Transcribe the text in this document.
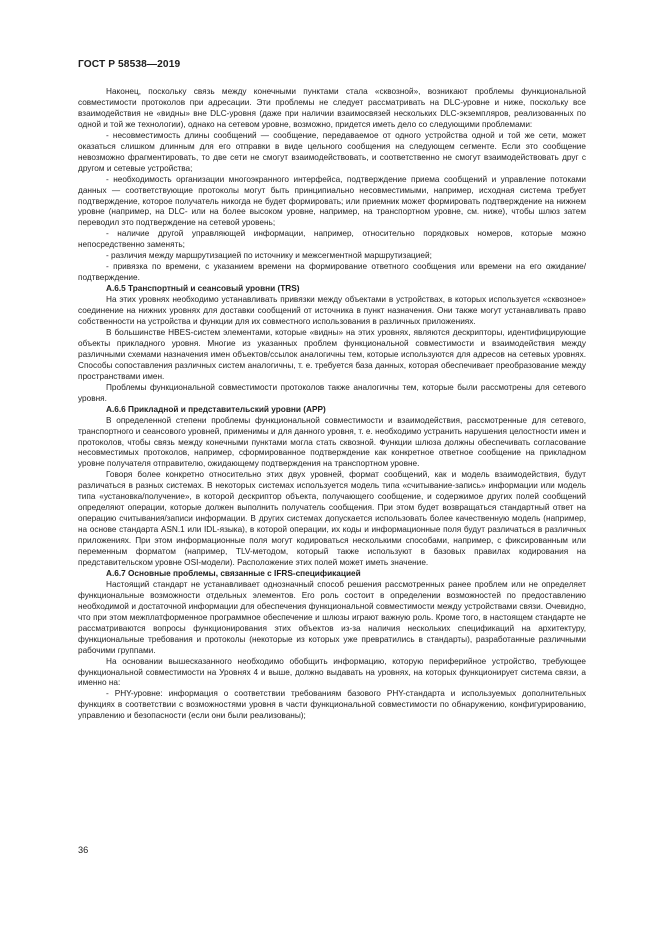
ГОСТ Р 58538—2019

Наконец, поскольку связь между конечными пунктами стала «сквозной», возникают проблемы функциональной совместимости протоколов при адресации. Эти проблемы не следует рассматривать на DLC-уровне и ниже, поскольку все взаимодействия не «видны» вне DLC-уровня (даже при наличии взаимосвязей нескольких DLC-экземпляров, реализованных по одной и той же технологии), однако на сетевом уровне, возможно, придется иметь дело со следующими проблемами:

- несовместимость длины сообщений — сообщение, передаваемое от одного устройства одной и той же сети, может оказаться слишком длинным для его отправки в виде цельного сообщения на следующем сегменте. Если это сообщение невозможно фрагментировать, то две сети не смогут взаимодействовать, и соответственно не смогут взаимодействовать друг с другом и сетевые устройства;

- необходимость организации многоэкранного интерфейса, подтверждение приема сообщений и управление потоками данных — соответствующие протоколы могут быть принципиально несовместимыми, например, исходная система требует подтверждение, которое получатель никогда не будет формировать; или приемник может формировать подтверждение на нижнем уровне (например, на DLC- или на более высоком уровне, например, на транспортном уровне, см. ниже), чтобы шлюз затем переводил это подтверждение на сетевой уровень;

- наличие другой управляющей информации, например, относительно порядковых номеров, которые можно непосредственно заменять;

- различия между маршрутизацией по источнику и межсегментной маршрутизацией;

- привязка по времени, с указанием времени на формирование ответного сообщения или времени на его ожидание/подтверждение.

А.6.5 Транспортный и сеансовый уровни (TRS)

На этих уровнях необходимо устанавливать привязки между объектами в устройствах, в которых используется «сквозное» соединение на нижних уровнях для доставки сообщений от источника в пункт назначения. Они также могут устанавливать право собственности на устройства и функции для их совместного использования в различных приложениях.

В большинстве HBES-систем элементами, которые «видны» на этих уровнях, являются дескрипторы, идентифицирующие объекты прикладного уровня. Многие из указанных проблем функциональной совместимости и взаимодействия между различными схемами назначения имен объектов/ссылок аналогичны тем, которые используются для адресов на сетевых уровнях. Способы сопоставления различных систем аналогичны, т. е. требуется база данных, которая обеспечивает преобразование между пространствами имен.

Проблемы функциональной совместимости протоколов также аналогичны тем, которые были рассмотрены для сетевого уровня.

А.6.6 Прикладной и представительский уровни (APP)

В определенной степени проблемы функциональной совместимости и взаимодействия, рассмотренные для сетевого, транспортного и сеансового уровней, применимы и для данного уровня, т. е. необходимо устранить нарушения целостности имен и протоколов, чтобы связь между конечными пунктами могла стать сквозной. Функции шлюза должны обеспечивать согласование несовместимых протоколов, например, сформированное подтверждение как конкретное ответное сообщение на прикладном уровне получателя отправителю, ожидающему подтверждения на транспортном уровне.

Говоря более конкретно относительно этих двух уровней, формат сообщений, как и модель взаимодействия, будут различаться в разных системах. В некоторых системах используется модель типа «считывание-запись» информации или модель типа «установка/получение», в которой дескриптор объекта, получающего сообщение, и содержимое других полей сообщений определяют операции, которые должен выполнить получатель сообщения. При этом будет возвращаться стандартный ответ на операцию считывания/записи информации. В других системах допускается использовать более качественную модель (например, на основе стандарта ASN.1 или IDL-языка), в которой операции, их коды и информационные поля будут различаться в различных приложениях. При этом информационные поля могут кодироваться несколькими способами, например, с фиксированным или переменным форматом (например, TLV-методом, который также используют в базовых правилах кодирования на представительском уровне OSI-модели). Расположение этих полей может иметь значение.

А.6.7 Основные проблемы, связанные с IFRS-спецификацией

Настоящий стандарт не устанавливает однозначный способ решения рассмотренных ранее проблем или не определяет функциональные возможности отдельных элементов. Его роль состоит в определении возможностей по предоставлению необходимой и достаточной информации для обеспечения функциональной совместимости между устройствами связи. Очевидно, что при этом межплатформенное программное обеспечение и шлюзы играют важную роль. Кроме того, в настоящем стандарте не рассматриваются вопросы функционирования этих объектов из-за наличия нескольких спецификаций на архитектуру, функциональные требования и протоколы (некоторые из которых уже превратились в стандарты), разработанные различными рабочими группами.

На основании вышесказанного необходимо обобщить информацию, которую периферийное устройство, требующее функциональной совместимости на Уровнях 4 и выше, должно выдавать на уровнях, на которых функционирует система связи, а именно на:

- PHY-уровне: информация о соответствии требованиям базового PHY-стандарта и используемых дополнительных функциях в соответствии с возможностями уровня в части функциональной совместимости по обнаружению, конфигурированию, управлению и безопасности (если они были реализованы);

36
